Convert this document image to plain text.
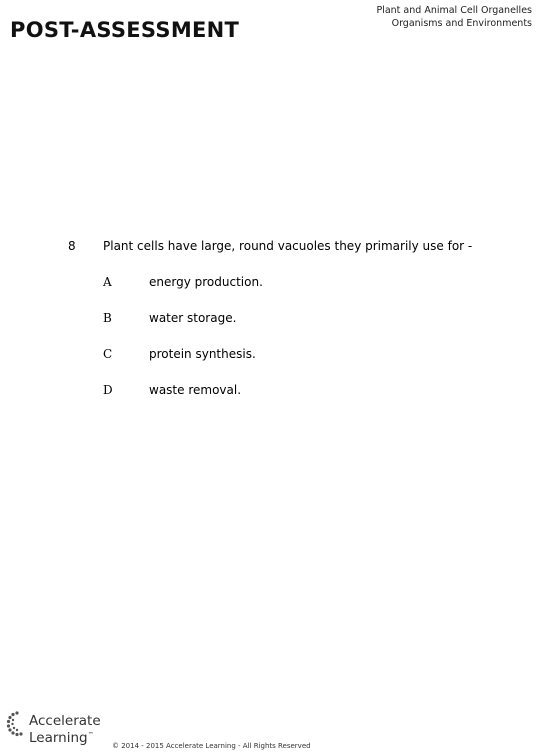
POST-ASSESSMENT
Plant and Animal Cell Organelles
Organisms and Environments
8 Plant cells have large, round vacuoles they primarily use for -
A	energy production.
B	water storage.
C	protein synthesis.
D	waste removal.
Accelerate
Learning™
© 2014 - 2015 Accelerate Learning - All Rights Reserved
